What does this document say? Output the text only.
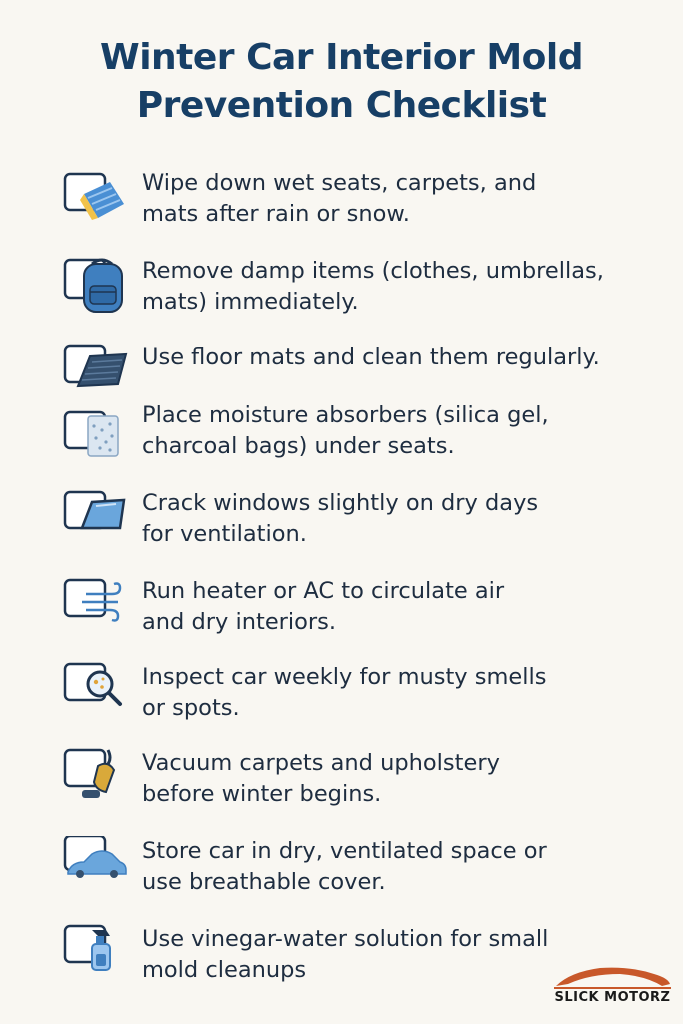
Winter Car Interior Mold
Prevention Checklist
Wipe down wet seats, carpets, and
mats after rain or snow.
Remove damp items (clothes, umbrellas,
mats) immediately.
Use floor mats and clean them regularly.
Place moisture absorbers (silica gel,
charcoal bags) under seats.
Crack windows slightly on dry days
for ventilation.
Run heater or AC to circulate air
and dry interiors.
Inspect car weekly for musty smells
or spots.
Vacuum carpets and upholstery
before winter begins.
Store car in dry, ventilated space or
use breathable cover.
Use vinegar-water solution for small
mold cleanups
SLICK MOTORZ
